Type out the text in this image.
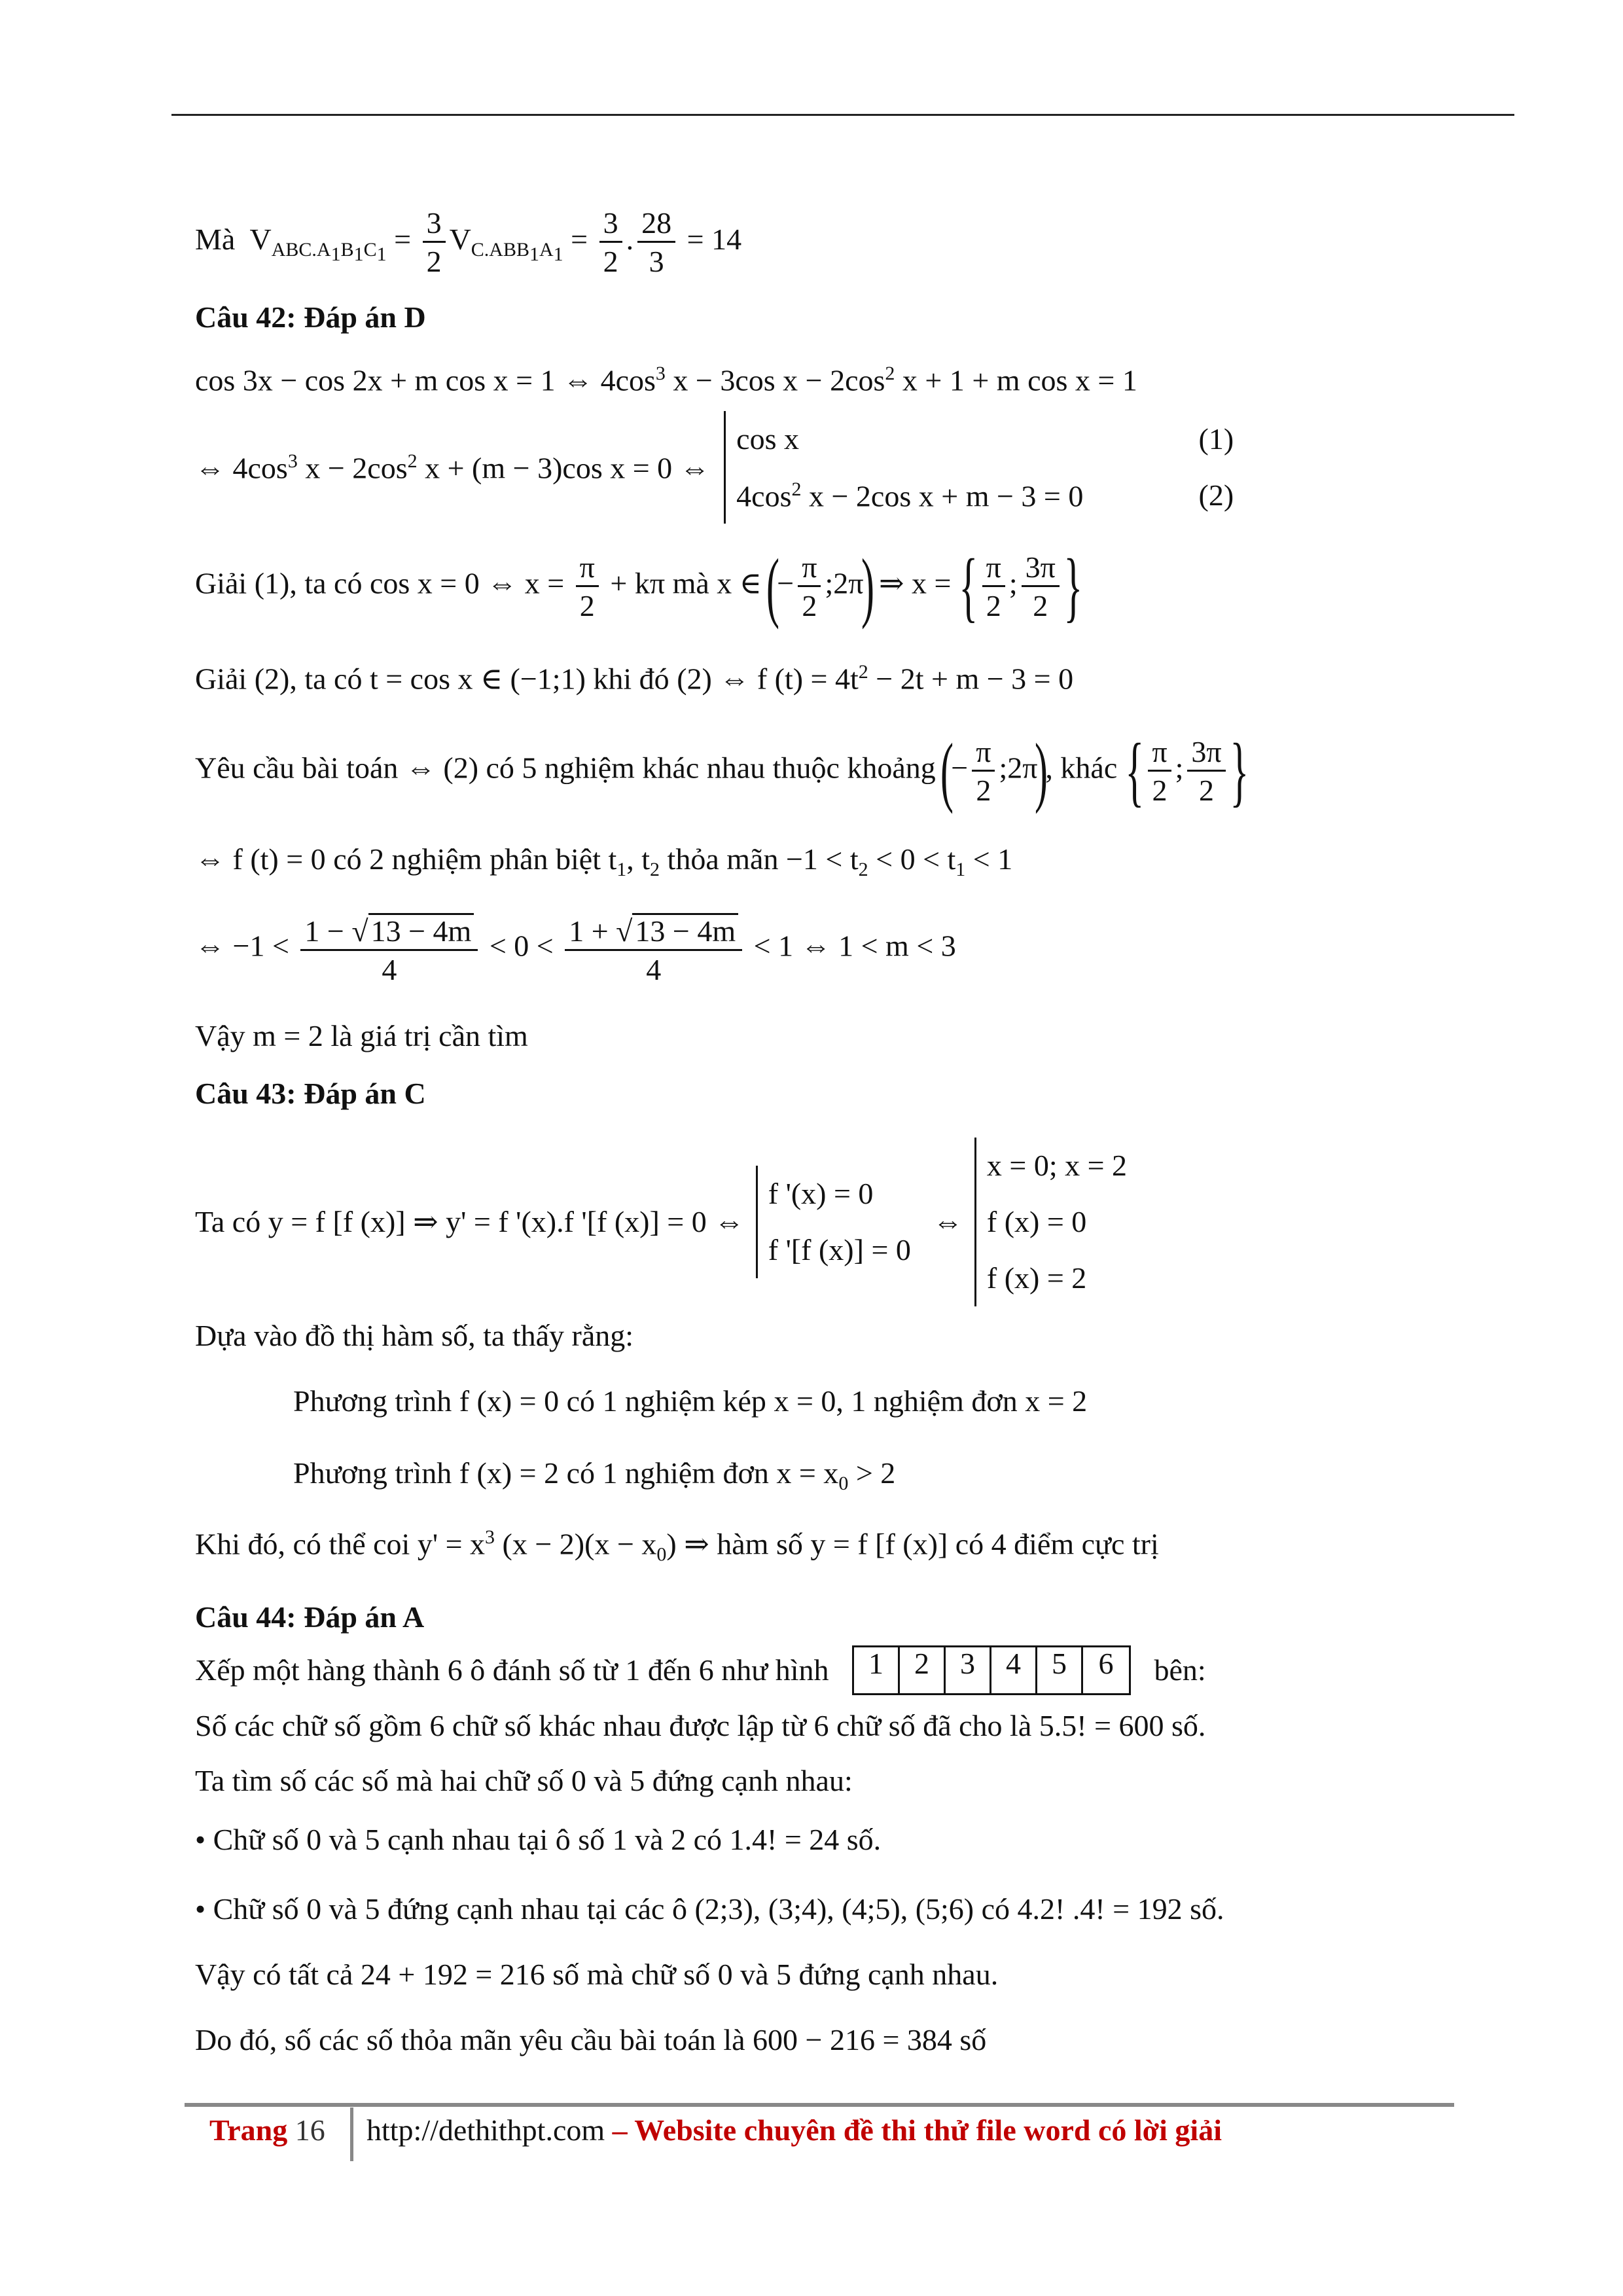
Mà  $V_{ABC.A_1B_1C_1} = \frac{3}{2} V_{C.ABB_1A_1} = \frac{3}{2}$ . $\frac{28}{3} = 14$
Câu 42: Đáp án D
cos 3x − cos 2x + m cos x = 1 ⇔ $4\cos^3$ x − 3cos $x - 2\cos^2$ x + 1 + m cos x = 1
⇔ $4\cos^3$ $x - 2\cos^2$ x + (m − 3)cos x = 0 ⇔
cos x	(1)
$4\cos^2$ x − 2cos x + m − 3 = 0	(2)
Giải (1), ta có cos x = 0 ⇔ $x = \frac{\pi}{2} + k\pi$ mà x ∈ (− $\frac{\pi}{2}$ ;2π) ⇒ x = { $\frac{\pi}{2}$ ; $\frac{3\pi}{2}$ }
Giải (2), ta có t = cos x ∈ (−1;1) khi đó (2) ⇔ f $(t) = 4t^2 - 2t + m - 3 = 0$
Yêu cầu bài toán ⇔ (2) có 5 nghiệm khác nhau thuộc khoảng (− $\frac{\pi}{2}$ ;2π), khác { $\frac{\pi}{2}$ ; $\frac{3\pi}{2}$ }
⇔ f (t) = 0 có 2 nghiệm phân biệt $t_1$, $t_2$ thỏa mãn $-1 < t_2 < 0 < t_1 < 1$
⇔ $-1 < \frac{1 - √13 - 4m}{4} < 0 < \frac{1 + √13 - 4m}{4} < 1$ ⇔ 1 < m < 3
Vậy m = 2 là giá trị cần tìm
Câu 43: Đáp án C
Ta có y = f [f (x)] ⇒ y' = f '(x).f '[f (x)] = 0 ⇔
f '(x) = 0
f '[f (x)] = 0
⇔
x = 0; x = 2
f (x) = 0
f (x) = 2
Dựa vào đồ thị hàm số, ta thấy rằng:
Phương trình f (x) = 0 có 1 nghiệm kép x = 0, 1 nghiệm đơn x = 2
Phương trình f (x) = 2 có 1 nghiệm đơn $x = x_0 > 2$
Khi đó, có thể coi $y' = x^3$ $(x - 2)(x - x_0)$ ⇒ hàm số y = f [f (x)] có 4 điểm cực trị
Câu 44: Đáp án A
Xếp một hàng thành 6 ô đánh số từ 1 đến 6 như hình	1	2	3	4	5	6	bên:
Số các chữ số gồm 6 chữ số khác nhau được lập từ 6 chữ số đã cho là 5.5! = 600 số.
Ta tìm số các số mà hai chữ số 0 và 5 đứng cạnh nhau:
• Chữ số 0 và 5 cạnh nhau tại ô số 1 và 2 có 1.4! = 24 số.
• Chữ số 0 và 5 đứng cạnh nhau tại các ô (2;3), (3;4), (4;5), (5;6) có 4.2! .4! = 192 số.
Vậy có tất cả 24 + 192 = 216 số mà chữ số 0 và 5 đứng cạnh nhau.
Do đó, số các số thỏa mãn yêu cầu bài toán là 600 − 216 = 384 số
Trang 16 http://dethithpt.com – Website chuyên đề thi thử file word có lời giải
